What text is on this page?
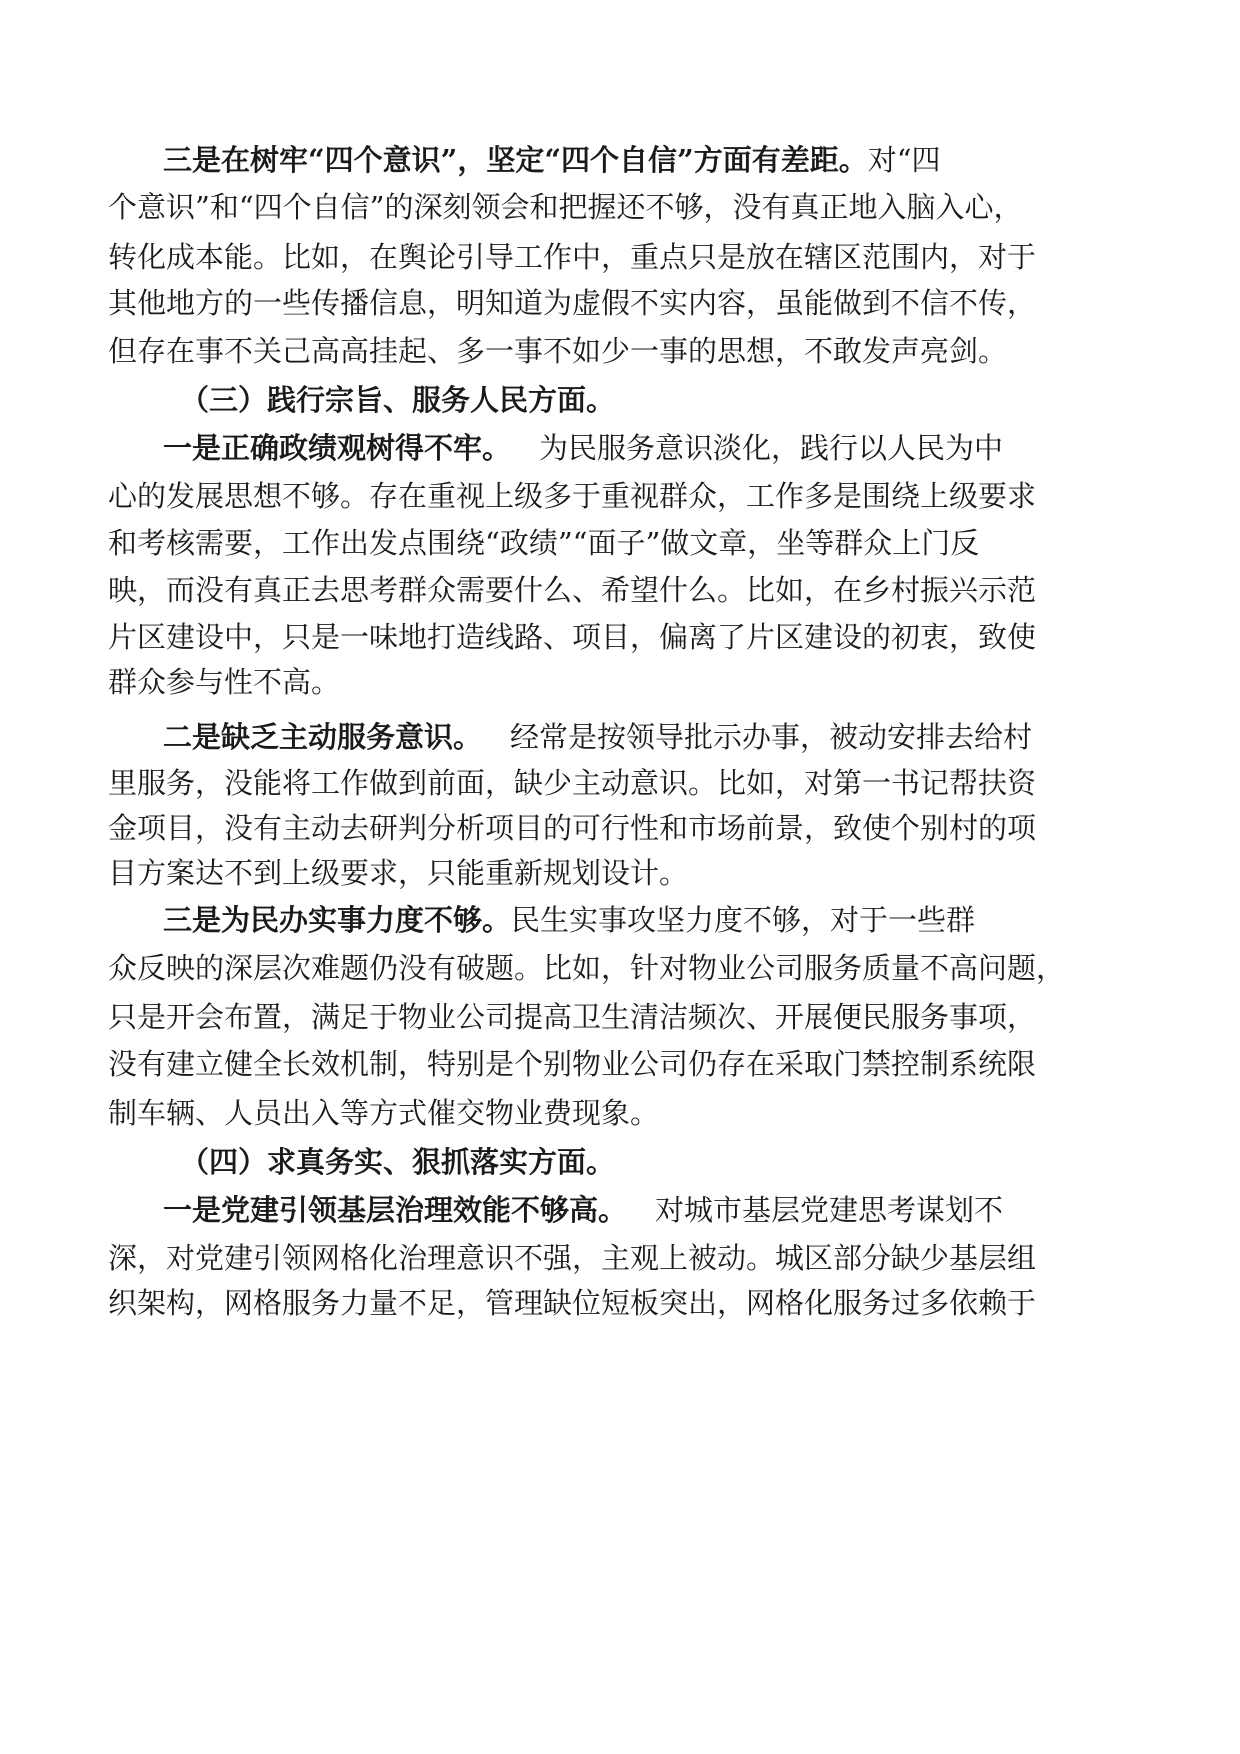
三是在树牢“四个意识”，坚定“四个自信”方面有差距。对“四
个意识”和“四个自信”的深刻领会和把握还不够，没有真正地入脑入心，
转化成本能。比如，在舆论引导工作中，重点只是放在辖区范围内，对于
其他地方的一些传播信息，明知道为虚假不实内容，虽能做到不信不传，
但存在事不关己高高挂起、多一事不如少一事的思想，不敢发声亮剑。
（三）践行宗旨、服务人民方面。
一是正确政绩观树得不牢。 为民服务意识淡化，践行以人民为中
心的发展思想不够。存在重视上级多于重视群众，工作多是围绕上级要求
和考核需要，工作出发点围绕“政绩”“面子”做文章，坐等群众上门反
映，而没有真正去思考群众需要什么、希望什么。比如，在乡村振兴示范
片区建设中，只是一味地打造线路、项目，偏离了片区建设的初衷，致使
群众参与性不高。
二是缺乏主动服务意识。 经常是按领导批示办事，被动安排去给村
里服务，没能将工作做到前面，缺少主动意识。比如，对第一书记帮扶资
金项目，没有主动去研判分析项目的可行性和市场前景，致使个别村的项
目方案达不到上级要求，只能重新规划设计。
三是为民办实事力度不够。民生实事攻坚力度不够，对于一些群
众反映的深层次难题仍没有破题。比如，针对物业公司服务质量不高问题，
只是开会布置，满足于物业公司提高卫生清洁频次、开展便民服务事项，
没有建立健全长效机制，特别是个别物业公司仍存在采取门禁控制系统限
制车辆、人员出入等方式催交物业费现象。
（四）求真务实、狠抓落实方面。
一是党建引领基层治理效能不够高。 对城市基层党建思考谋划不
深，对党建引领网格化治理意识不强，主观上被动。城区部分缺少基层组
织架构，网格服务力量不足，管理缺位短板突出，网格化服务过多依赖于
